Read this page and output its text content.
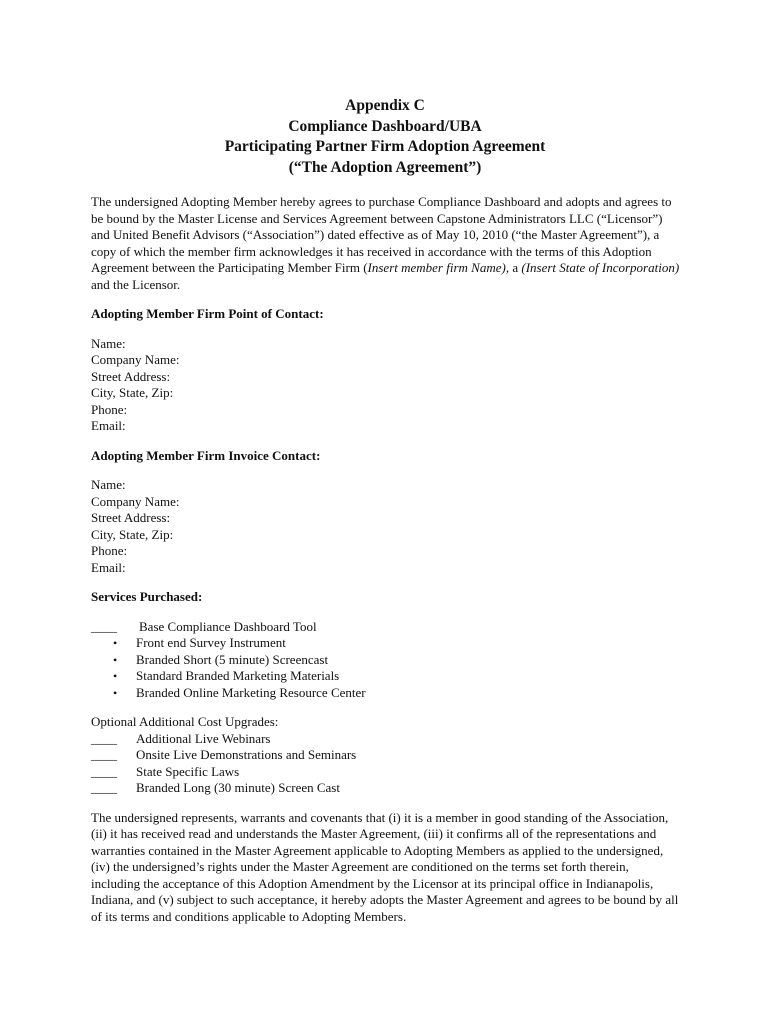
Appendix C
Compliance Dashboard/UBA
Participating Partner Firm Adoption Agreement
(“The Adoption Agreement”)

The undersigned Adopting Member hereby agrees to purchase Compliance Dashboard and adopts and agrees to be bound by the Master License and Services Agreement between Capstone Administrators LLC (“Licensor”) and United Benefit Advisors (“Association”) dated effective as of May 10, 2010 (“the Master Agreement”), a copy of which the member firm acknowledges it has received in accordance with the terms of this Adoption Agreement between the Participating Member Firm (Insert member firm Name), a (Insert State of Incorporation) and the Licensor.

Adopting Member Firm Point of Contact:

Name:
Company Name:
Street Address:
City, State, Zip:
Phone:
Email:

Adopting Member Firm Invoice Contact:

Name:
Company Name:
Street Address:
City, State, Zip:
Phone:
Email:

Services Purchased:

____	Base Compliance Dashboard Tool
• Front end Survey Instrument
• Branded Short (5 minute) Screencast
• Standard Branded Marketing Materials
• Branded Online Marketing Resource Center
Optional Additional Cost Upgrades:
____	Additional Live Webinars
____	Onsite Live Demonstrations and Seminars
____	State Specific Laws
____	Branded Long (30 minute) Screen Cast

The undersigned represents, warrants and covenants that (i) it is a member in good standing of the Association, (ii) it has received read and understands the Master Agreement, (iii) it confirms all of the representations and warranties contained in the Master Agreement applicable to Adopting Members as applied to the undersigned, (iv) the undersigned’s rights under the Master Agreement are conditioned on the terms set forth therein, including the acceptance of this Adoption Amendment by the Licensor at its principal office in Indianapolis, Indiana, and (v) subject to such acceptance, it hereby adopts the Master Agreement and agrees to be bound by all of its terms and conditions applicable to Adopting Members.
